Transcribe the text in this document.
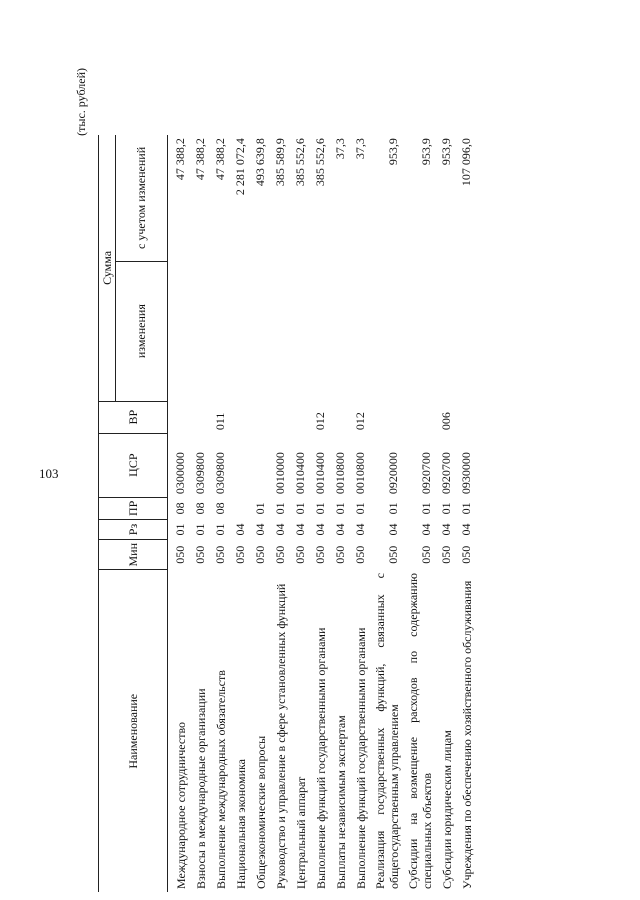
103
(тыс. рублей)
Наименование	Мин	Рз	ПР	ЦСР	ВР	Сумма	
						изменения	с учетом изменений
Международное сотрудничество	050	01	08	0300000			47 388,2
Взносы в международные организации	050	01	08	0309800			47 388,2
Выполнение международных обязательств	050	01	08	0309800	011		47 388,2
Национальная экономика	050	04					2 281 072,4
Общеэкономические вопросы	050	04	01				493 639,8
Руководство и управление в сфере установленных функций	050	04	01	0010000			385 589,9
Центральный аппарат	050	04	01	0010400			385 552,6
Выполнение функций государственными органами	050	04	01	0010400	012		385 552,6
Выплаты независимым экспертам	050	04	01	0010800			37,3
Выполнение функций государственными органами	050	04	01	0010800	012		37,3
Реализация государственных функций, связанных с общегосударственным управлением	050	04	01	0920000			953,9
Субсидии на возмещение расходов по содержанию специальных объектов	050	04	01	0920700			953,9
Субсидии юридическим лицам	050	04	01	0920700	006		953,9
Учреждения по обеспечению хозяйственного обслуживания	050	04	01	0930000			107 096,0
